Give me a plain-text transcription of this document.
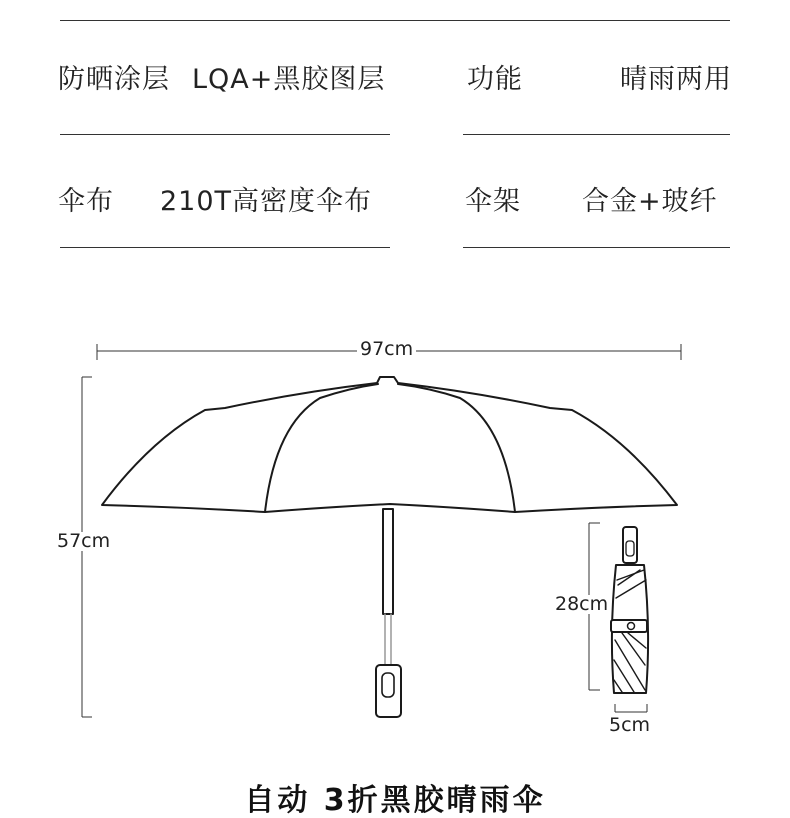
防晒涂层 LQA+黑胶图层	功能	晴雨两用
伞布 210T高密度伞布	伞架 合金+玻纤
97cm
57cm
28cm
5cm
自动 3折黑胶晴雨伞
